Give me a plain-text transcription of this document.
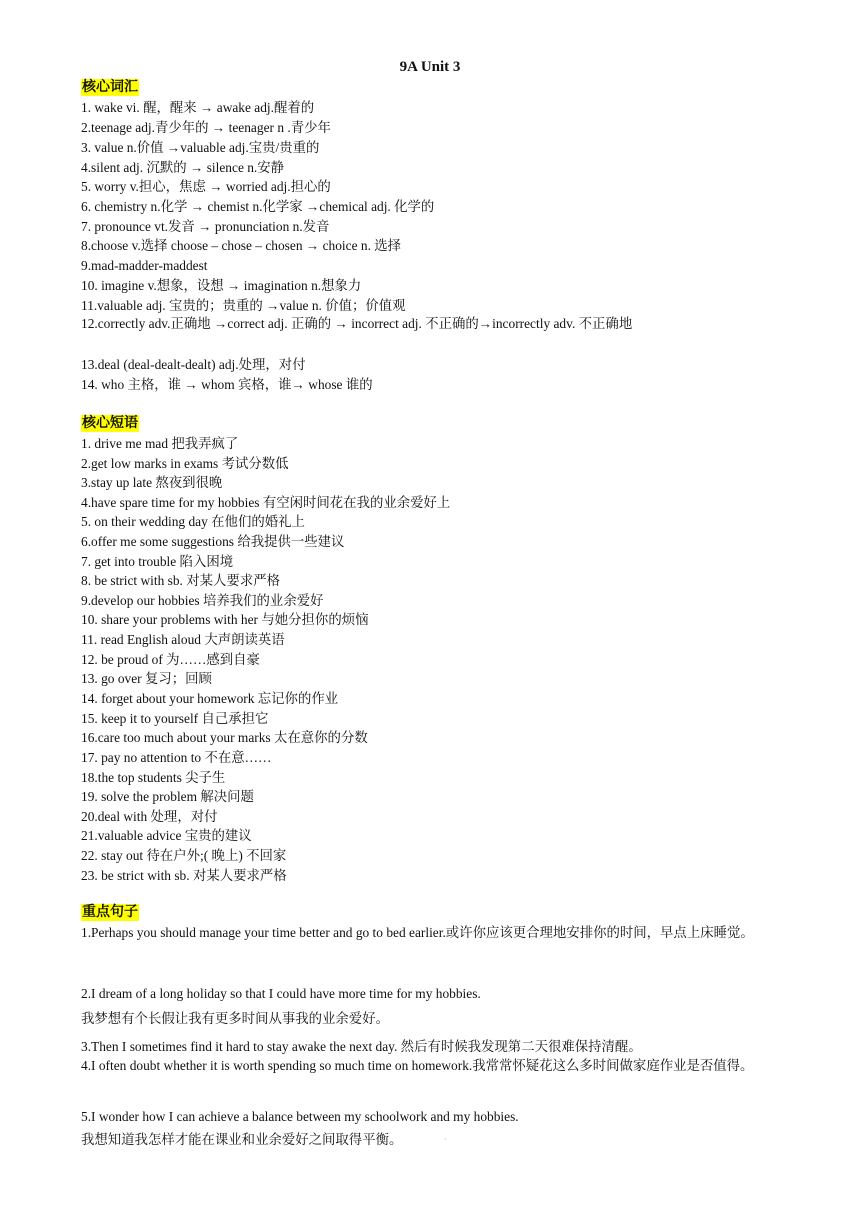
9A Unit 3
核心词汇
1. wake vi. 醒，醒来 → awake adj.醒着的
2.teenage adj.青少年的 → teenager n .青少年
3. value n.价值 →valuable adj.宝贵/贵重的
4.silent adj. 沉默的 → silence n.安静
5. worry v.担心，焦虑 → worried adj.担心的
6. chemistry n.化学 → chemist n.化学家 →chemical adj. 化学的
7. pronounce vt.发音 → pronunciation n.发音
8.choose v.选择 choose – chose – chosen → choice n. 选择
9.mad-madder-maddest
10. imagine v.想象，设想 → imagination n.想象力
11.valuable adj. 宝贵的；贵重的 →value n. 价值；价值观
12.correctly adv.正确地 →correct adj. 正确的 → incorrect adj. 不正确的→incorrectly adv. 不正确地
13.deal (deal-dealt-dealt) adj.处理，对付
14. who 主格，谁 → whom 宾格，谁→ whose 谁的
核心短语
1. drive me mad 把我弄疯了
2.get low marks in exams 考试分数低
3.stay up late 熬夜到很晚
4.have spare time for my hobbies 有空闲时间花在我的业余爱好上
5. on their wedding day 在他们的婚礼上
6.offer me some suggestions 给我提供一些建议
7. get into trouble 陷入困境
8. be strict with sb. 对某人要求严格
9.develop our hobbies 培养我们的业余爱好
10. share your problems with her 与她分担你的烦恼
11. read English aloud 大声朗读英语
12. be proud of 为……感到自豪
13. go over 复习；回顾
14. forget about your homework 忘记你的作业
15. keep it to yourself 自己承担它
16.care too much about your marks 太在意你的分数
17. pay no attention to 不在意……
18.the top students 尖子生
19. solve the problem 解决问题
20.deal with 处理，对付
21.valuable advice 宝贵的建议
22. stay out 待在户外;( 晚上) 不回家
23. be strict with sb. 对某人要求严格
重点句子
1.Perhaps you should manage your time better and go to bed earlier.或许你应该更合理地安排你的时间，早点上床睡觉。
2.I dream of a long holiday so that I could have more time for my hobbies.
我梦想有个长假让我有更多时间从事我的业余爱好。
3.Then I sometimes find it hard to stay awake the next day. 然后有时候我发现第二天很难保持清醒。
4.I often doubt whether it is worth spending so much time on homework.我常常怀疑花这么多时间做家庭作业是否值得。
5.I wonder how I can achieve a balance between my schoolwork and my hobbies.
我想知道我怎样才能在课业和业余爱好之间取得平衡。	·
